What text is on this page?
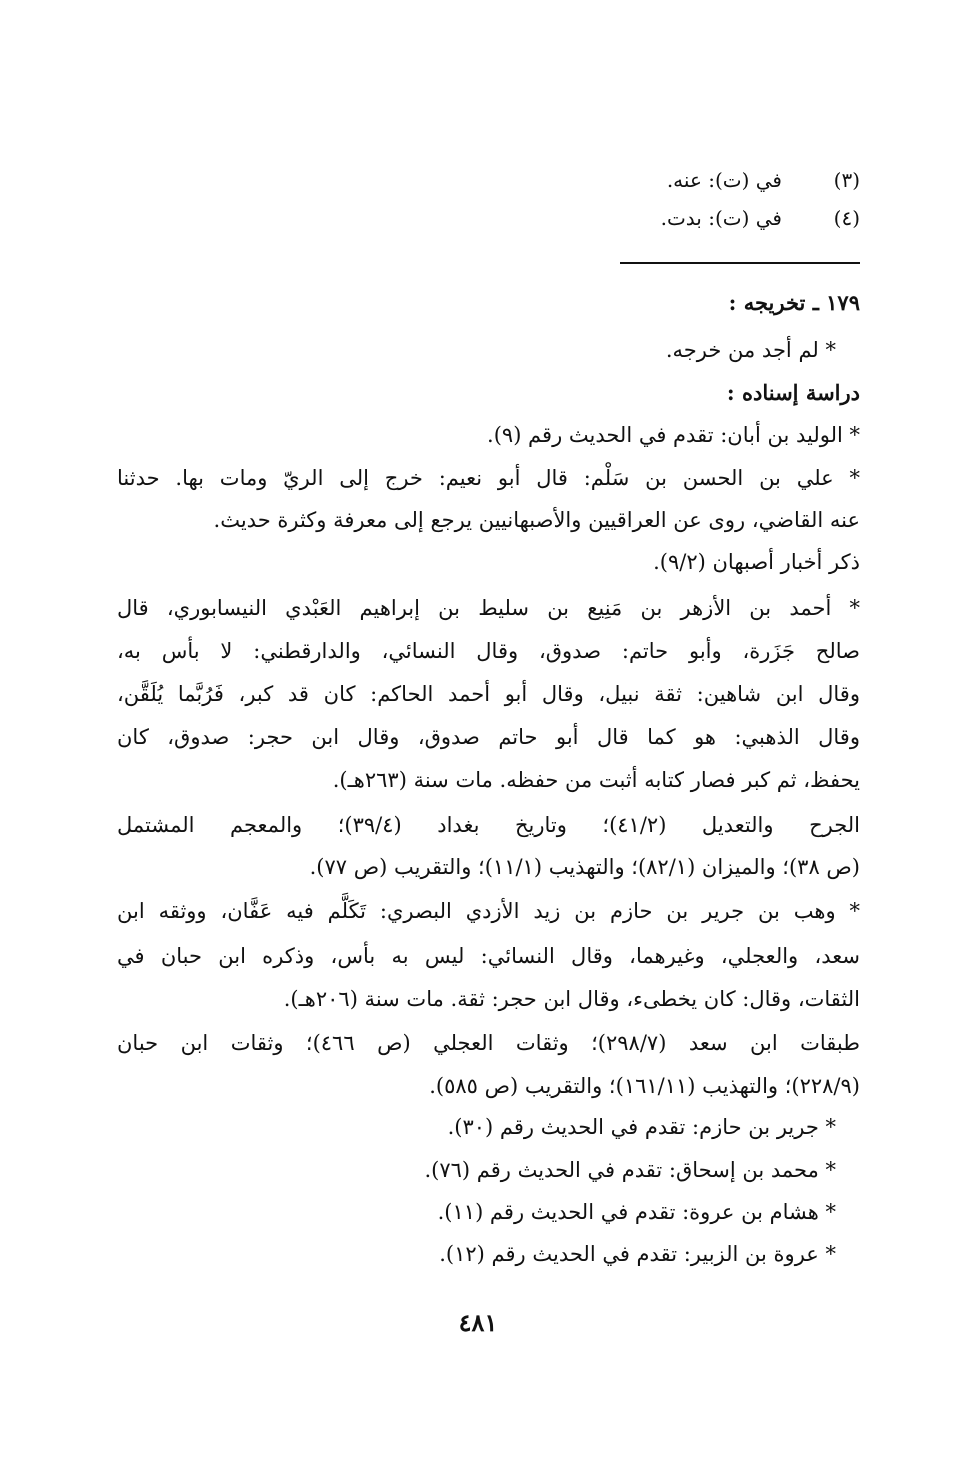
(٣)
في (ت): عنه.
(٤)
في (ت): بدت.
١٧٩ ـ تخريجه :
* لم أجد من خرجه.
دراسة إسناده :
* الوليد بن أبان: تقدم في الحديث رقم (٩).
* علي بن الحسن بن سَلْم: قال أبو نعيم: خرج إلى الريّ ومات بها. حدثنا
عنه القاضي، روى عن العراقيين والأصبهانيين يرجع إلى معرفة وكثرة حديث.
ذكر أخبار أصبهان (٩/٢).
* أحمد بن الأزهر بن مَنِيع بن سليط بن إبراهيم العَبْدي النيسابوري، قال
صالح جَزَرة، وأبو حاتم: صدوق، وقال النسائي، والدارقطني: لا بأس به،
وقال ابن شاهين: ثقة نبيل، وقال أبو أحمد الحاكم: كان قد كبر، فَرُبَّما يُلَقَّن،
وقال الذهبي: هو كما قال أبو حاتم صدوق، وقال ابن حجر: صدوق، كان
يحفظ، ثم كبر فصار كتابه أثبت من حفظه. مات سنة (٢٦٣هـ).
الجرح والتعديل (٤١/٢)؛ وتاريخ بغداد (٣٩/٤)؛ والمعجم المشتمل
(ص ٣٨)؛ والميزان (٨٢/١)؛ والتهذيب (١١/١)؛ والتقريب (ص ٧٧).
* وهب بن جرير بن حازم بن زيد الأزدي البصري: تَكَلَّم فيه عَفَّان، ووثقه ابن
سعد، والعجلي، وغيرهما، وقال النسائي: ليس به بأس، وذكره ابن حبان في
الثقات، وقال: كان يخطىء، وقال ابن حجر: ثقة. مات سنة (٢٠٦هـ).
طبقات ابن سعد (٢٩٨/٧)؛ وثقات العجلي (ص ٤٦٦)؛ وثقات ابن حبان
(٢٢٨/٩)؛ والتهذيب (١٦١/١١)؛ والتقريب (ص ٥٨٥).
* جرير بن حازم: تقدم في الحديث رقم (٣٠).
* محمد بن إسحاق: تقدم في الحديث رقم (٧٦).
* هشام بن عروة: تقدم في الحديث رقم (١١).
* عروة بن الزبير: تقدم في الحديث رقم (١٢).
٤٨١
